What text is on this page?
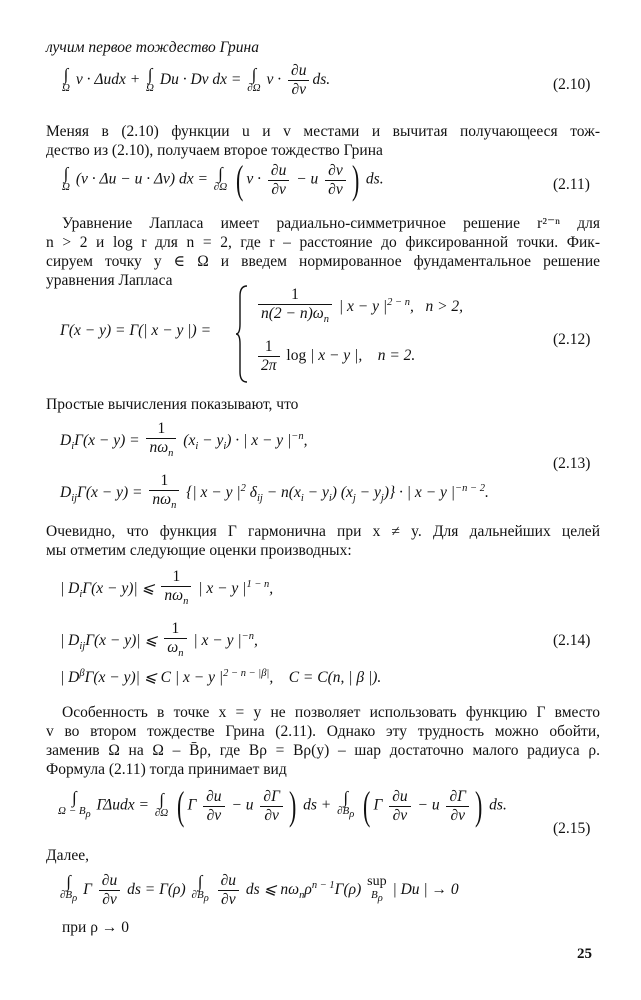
лучим первое тождество Грина
∫
Ω v · Δudx + ∫
Ω Du · Dv dx = ∫
∂Ω $v \cdot \frac{\partial u}{\partial\nu}$ ds.	(2.10)
Меняя в (2.10) функции u и v местами и вычитая получающееся тож-
дество из (2.10), получаем второе тождество Грина
∫
Ω (v · Δu − u · Δv) dx = ∫
∂Ω ( $v \cdot \frac{\partial u}{\partial\nu} - u \frac{\partial v}{\partial\nu}$ ) ds.	(2.11)
Уравнение Лапласа имеет радиально-симметричное решение r²⁻ⁿ для
n > 2 и log r для n = 2, где r – расстояние до фиксированной точки. Фик-
сируем точку y ∈ Ω и введем нормированное фундаментальное решение
уравнения Лапласа
Γ(x − y) = Γ(| x − y |) =
$\frac{1}{n(2 - n)\omega_n}$ | x − y $|^{2 - n}$,   n > 2,
$\frac{1}{2\pi}$ log | x − y |,    n = 2.
(2.12)
Простые вычисления показывают, что
$D_i\Gamma(x - y) = \frac{1}{n\omega_n} (x_i - y_i)$ · | x − y $|^{-n}$,
(2.13)
$D_{ij}\Gamma(x - y) = \frac{1}{n\omega_n}$ {| x − y $|^2$ $\delta_{ij} - n(x_i - y_i) (x_j - y_j)$} · | x − y $|^{-n - 2}$.
Очевидно, что функция Γ гармонична при x ≠ y. Для дальнейших целей
мы отметим следующие оценки производных:
| $D_i\Gamma(x - y)|$ ⩽ $\frac{1}{n\omega_n}$ | x − y $|^{1 - n}$,
| $D_{ij}\Gamma(x - y)|$ ⩽ $\frac{1}{\omega_n}$ | x − y $|^{-n}$,	(2.14)
| $D^\beta\Gamma(x - y)|$ ⩽ C | x − y $|^{2 - n - |\beta|}$,    C = C(n, | β |).
Особенность в точке x = y не позволяет использовать функцию Γ вместо
v во втором тождестве Грина (2.11). Однако эту трудность можно обойти,
заменив Ω на Ω – B̄ρ, где Bρ = Bρ(y) – шар достаточно малого радиуса ρ.
Формула (2.11) тогда принимает вид
∫
$\Omega - B_\rho$
ΓΔudx = ∫
∂Ω ( Γ $\frac{\partial u}{\partial\nu} - u \frac{\partial\Gamma}{\partial\nu}$ ) ds + ∫
$\partial B_\rho$ ( Γ $\frac{\partial u}{\partial\nu} - u \frac{\partial\Gamma}{\partial\nu}$ ) ds.
(2.15)
Далее,
∫
$\partial B_\rho$
Γ $\frac{\partial u}{\partial\nu}$ ds = Γ(ρ) ∫
$\partial B_\rho$
$\frac{\partial u}{\partial\nu}$ ds ⩽ $n\omega_n\rho^{n - 1}\Gamma(\rho)$ sup
$B_\rho$
| Du | → 0
при ρ → 0
25
